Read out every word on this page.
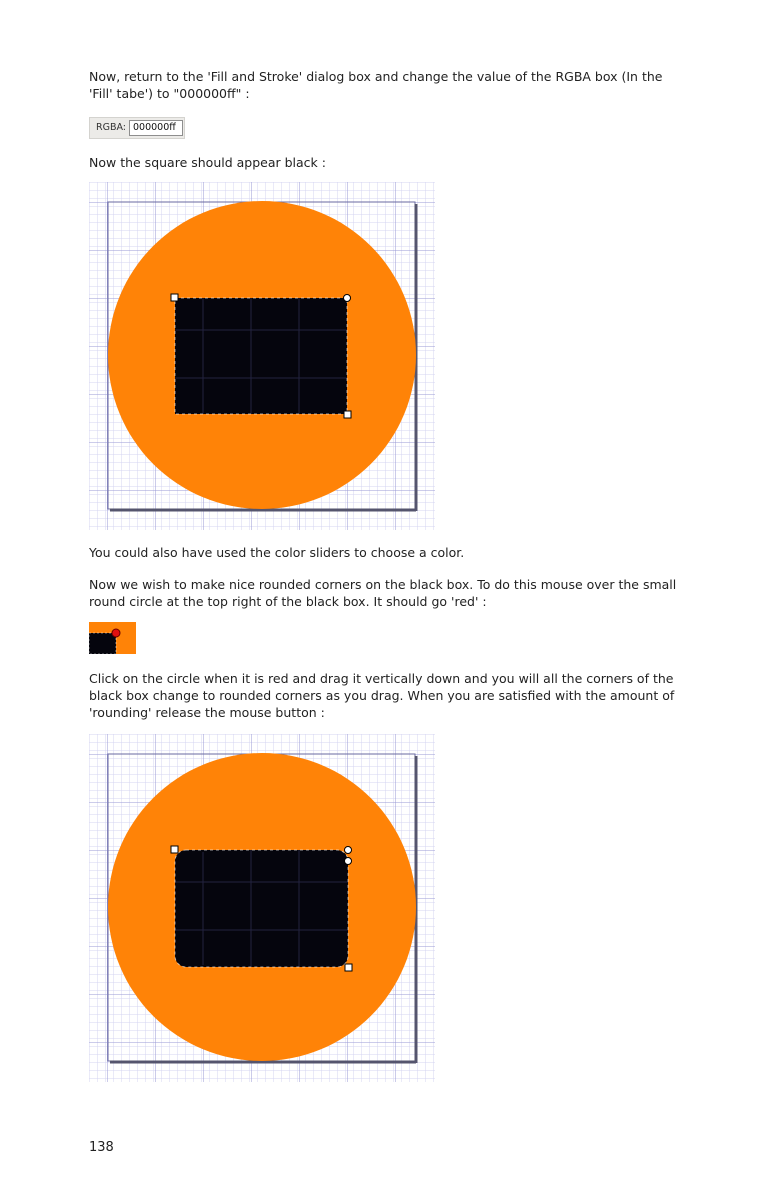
Now, return to the 'Fill and Stroke' dialog box and change the value of the RGBA box (In the 'Fill' tabe') to "000000ff" :

RGBA: 000000ff

Now the square should appear black :

You could also have used the color sliders to choose a color.

Now we wish to make nice rounded corners on the black box. To do this mouse over the small round circle at the top right of the black box. It should go 'red' :

Click on the circle when it is red and drag it vertically down and you will all the corners of the black box change to rounded corners as you drag. When you are satisfied with the amount of 'rounding' release the mouse button :

138
